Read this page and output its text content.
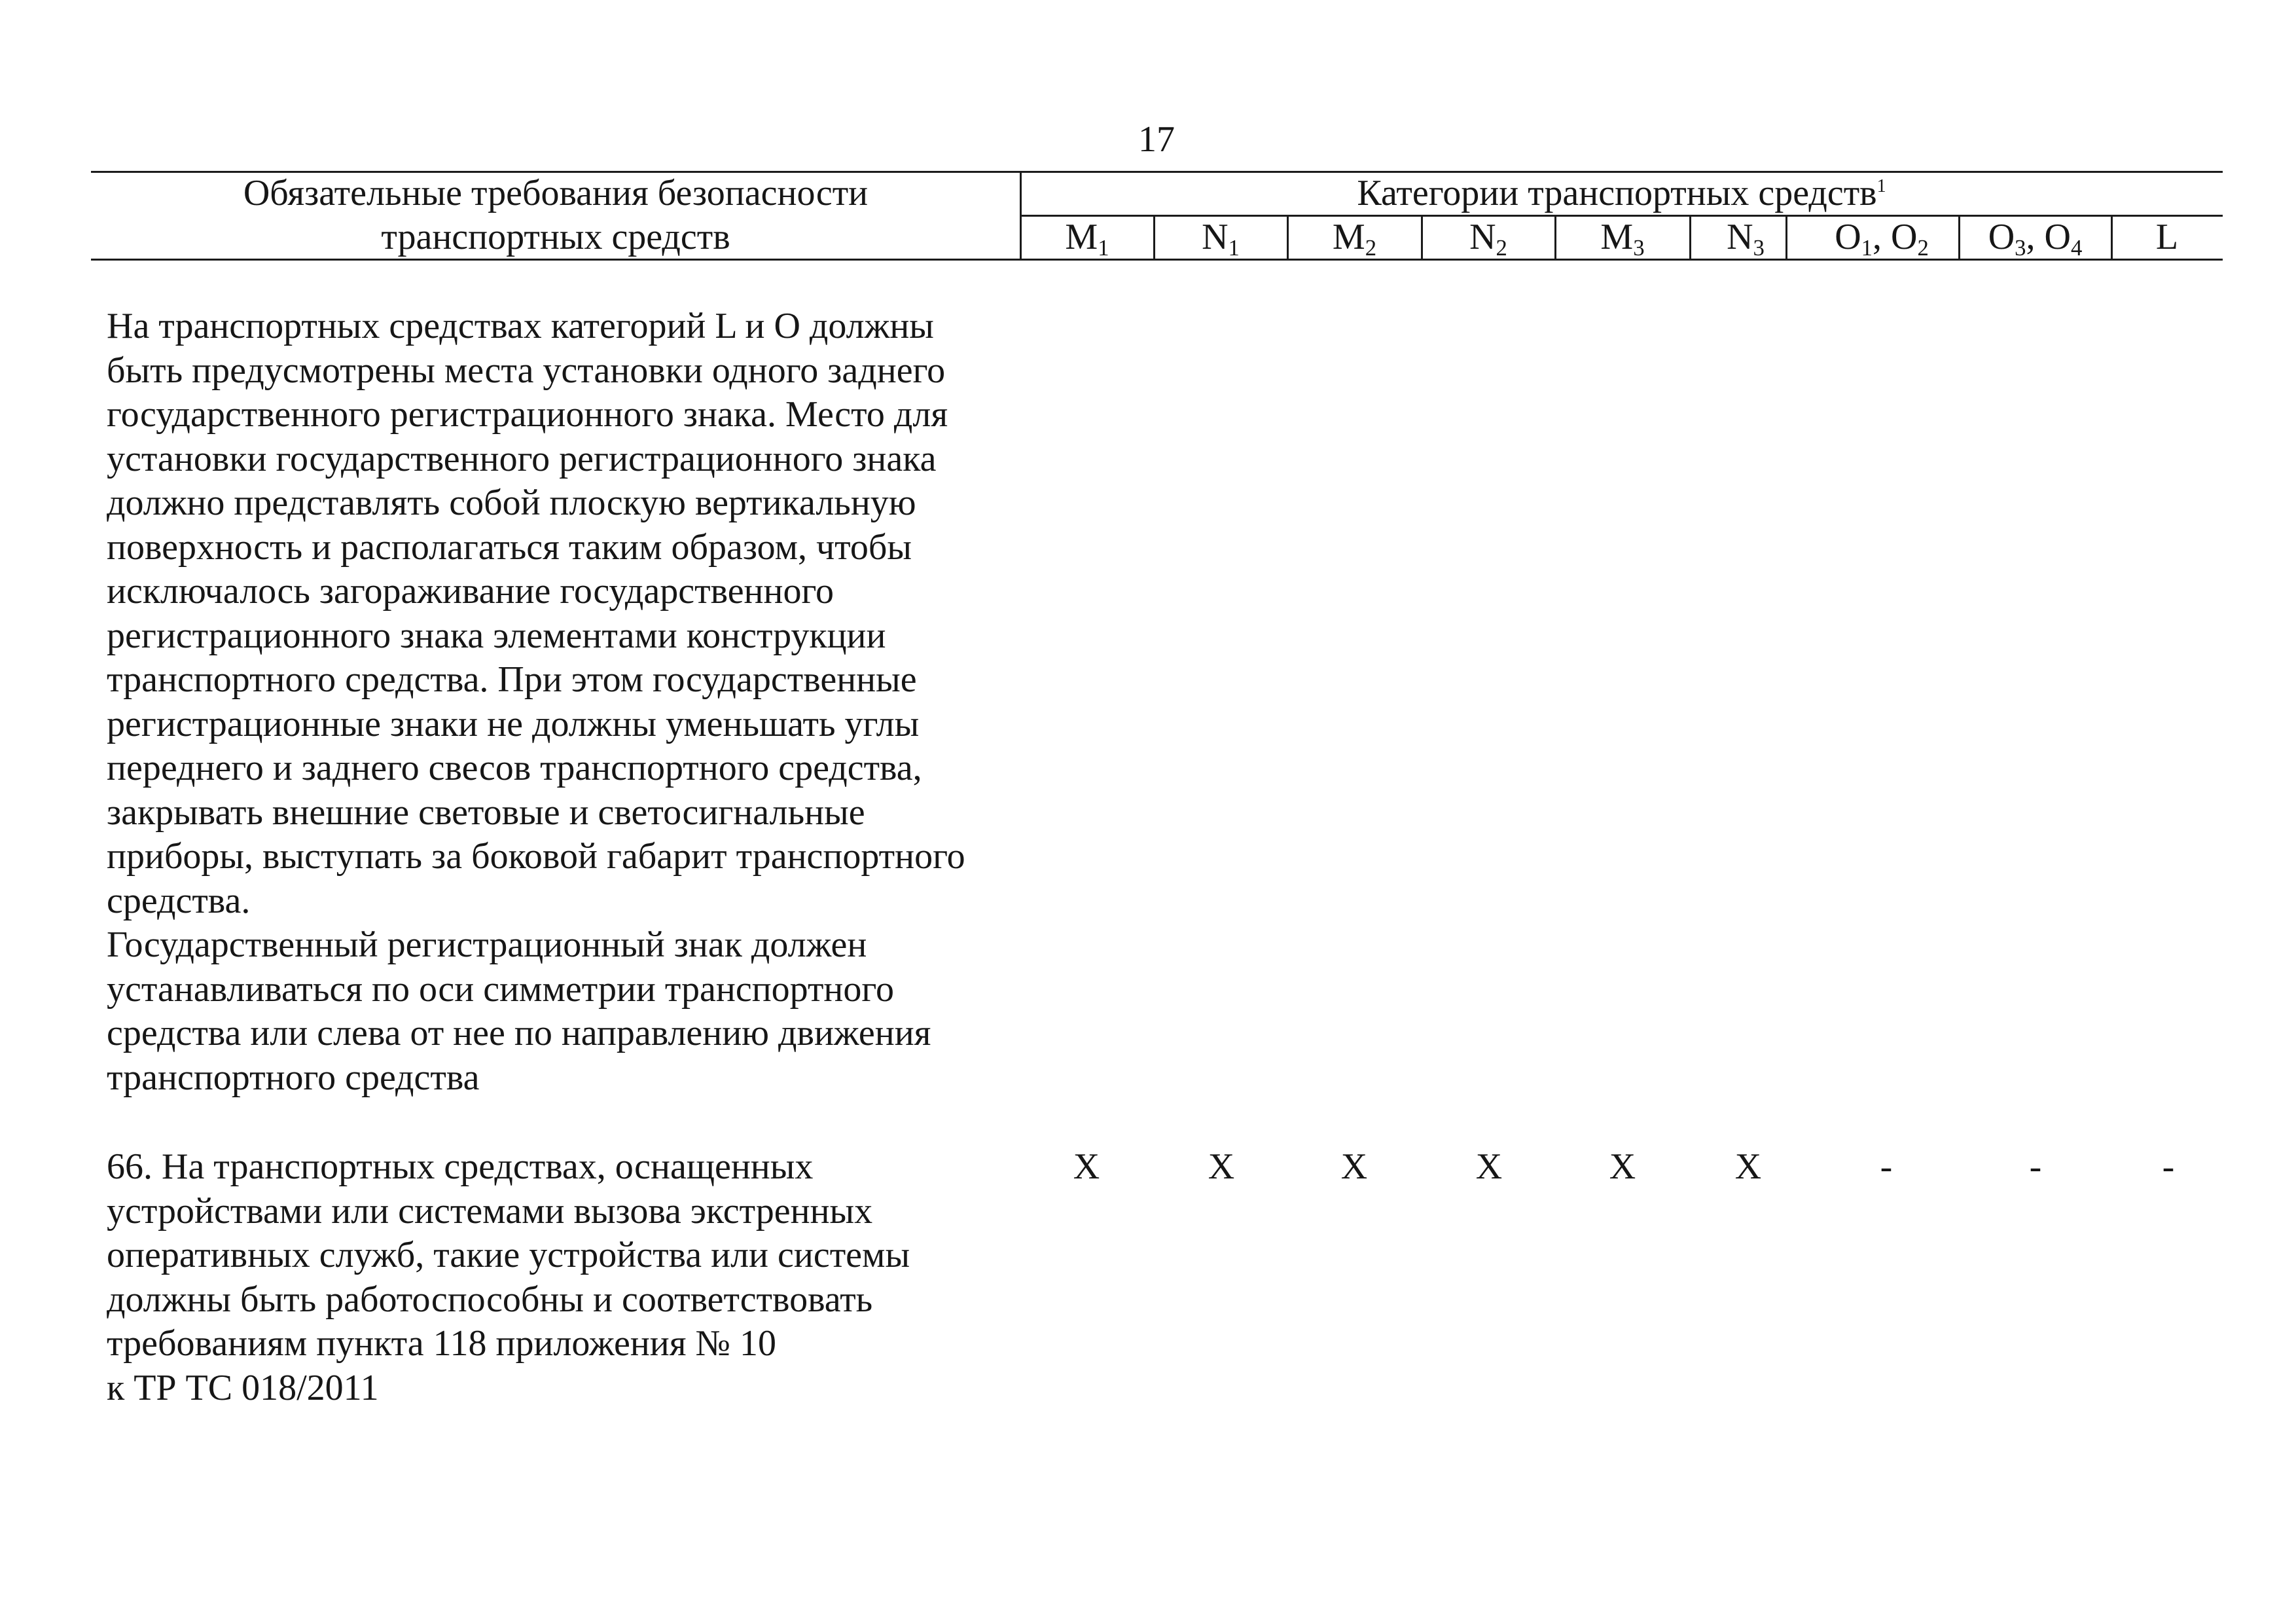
17
Обязательные требования безопасности
транспортных средств
Категории транспортных средств$^1$
M1	N1	M2	N2	M3	N3	O1, O2	O3, O4	L
На транспортных средствах категорий L и O должны
быть предусмотрены места установки одного заднего
государственного регистрационного знака. Место для
установки государственного регистрационного знака
должно представлять собой плоскую вертикальную
поверхность и располагаться таким образом, чтобы
исключалось загораживание государственного
регистрационного знака элементами конструкции
транспортного средства. При этом государственные
регистрационные знаки не должны уменьшать углы
переднего и заднего свесов транспортного средства,
закрывать внешние световые и светосигнальные
приборы, выступать за боковой габарит транспортного
средства.
Государственный регистрационный знак должен
устанавливаться по оси симметрии транспортного
средства или слева от нее по направлению движения
транспортного средства
66. На транспортных средствах, оснащенных
устройствами или системами вызова экстренных
оперативных служб, такие устройства или системы
должны быть работоспособны и соответствовать
требованиям пункта 118 приложения № 10
к ТР ТС 018/2011
X	X	X	X	X	X	-	-	-
